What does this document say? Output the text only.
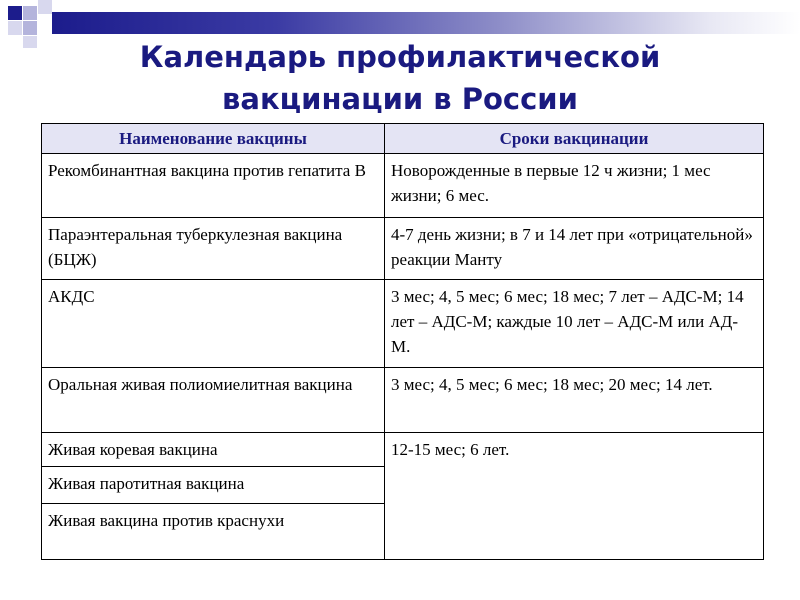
Календарь профилактической
вакцинации в России
Наименование вакцины	Сроки вакцинации
Рекомбинантная вакцина против гепатита В	Новорожденные в первые 12 ч жизни; 1 мес жизни; 6 мес.
Параэнтеральная туберкулезная вакцина (БЦЖ)	4-7 день жизни; в 7 и 14 лет при «отрицательной» реакции Манту
АКДС	3 мес; 4, 5 мес; 6 мес; 18 мес; 7 лет – АДС-М; 14 лет – АДС-М; каждые 10 лет – АДС-М или АД-М.
Оральная живая полиомиелитная вакцина	3 мес; 4, 5 мес; 6 мес; 18 мес; 20 мес; 14 лет.
Живая коревая вакцина	12-15 мес; 6 лет.
Живая паротитная вакцина	
Живая вакцина против краснухи	
